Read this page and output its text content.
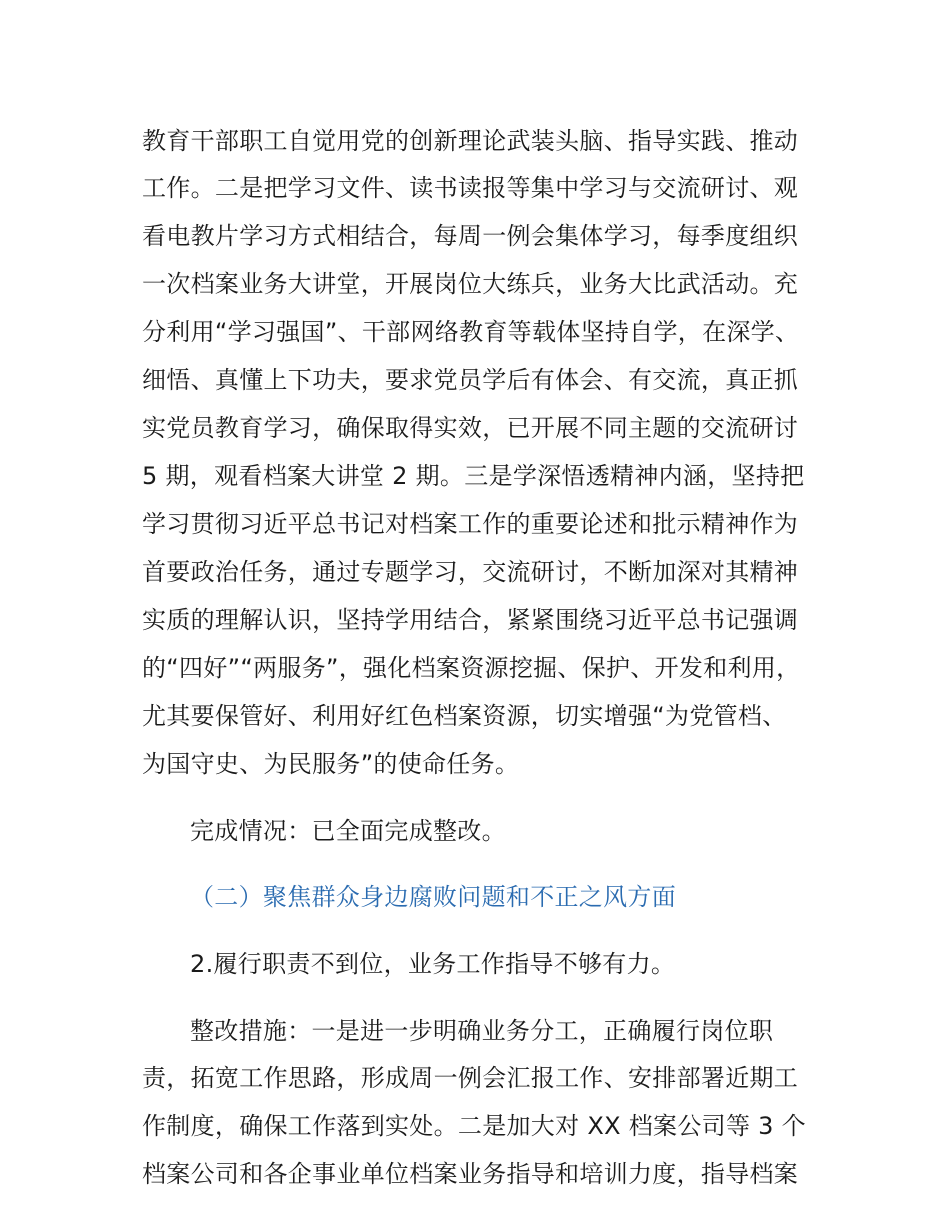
教育干部职工自觉用党的创新理论武装头脑、指导实践、推动
工作。二是把学习文件、读书读报等集中学习与交流研讨、观
看电教片学习方式相结合，每周一例会集体学习，每季度组织
一次档案业务大讲堂，开展岗位大练兵，业务大比武活动。充
分利用“学习强国”、干部网络教育等载体坚持自学，在深学、
细悟、真懂上下功夫，要求党员学后有体会、有交流，真正抓
实党员教育学习，确保取得实效，已开展不同主题的交流研讨
5 期，观看档案大讲堂 2 期。三是学深悟透精神内涵，坚持把
学习贯彻习近平总书记对档案工作的重要论述和批示精神作为
首要政治任务，通过专题学习，交流研讨，不断加深对其精神
实质的理解认识，坚持学用结合，紧紧围绕习近平总书记强调
的“四好”“两服务”，强化档案资源挖掘、保护、开发和利用，
尤其要保管好、利用好红色档案资源，切实增强“为党管档、
为国守史、为民服务”的使命任务。
完成情况：已全面完成整改。
（二）聚焦群众身边腐败问题和不正之风方面
2.履行职责不到位，业务工作指导不够有力。
整改措施：一是进一步明确业务分工，正确履行岗位职
责，拓宽工作思路，形成周一例会汇报工作、安排部署近期工
作制度，确保工作落到实处。二是加大对 XX 档案公司等 3 个
档案公司和各企事业单位档案业务指导和培训力度，指导档案
